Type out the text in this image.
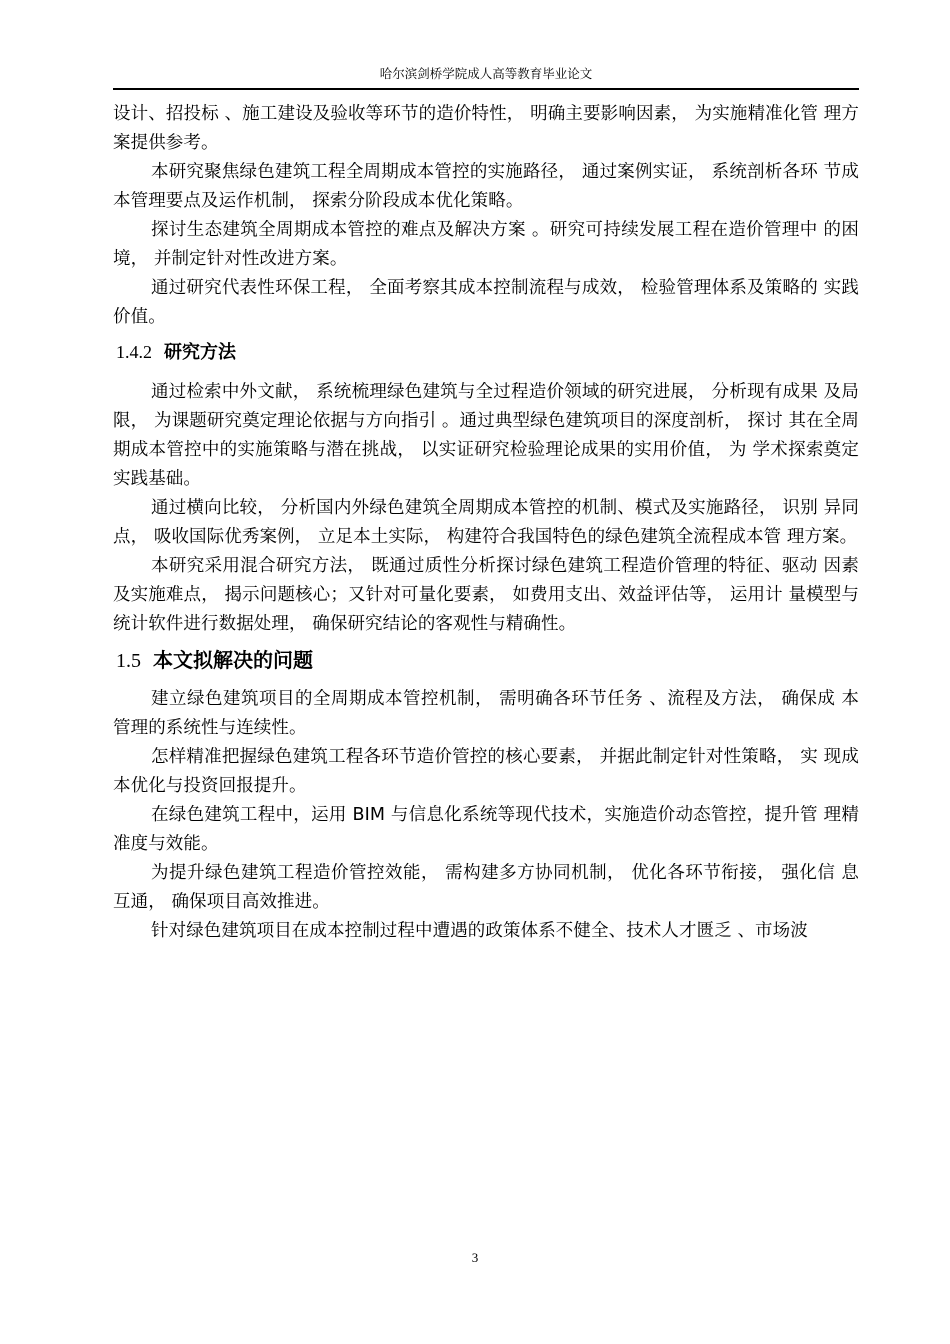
哈尔滨剑桥学院成人高等教育毕业论文

设计、招投标 、施工建设及验收等环节的造价特性， 明确主要影响因素， 为实施精准化管 理方案提供参考。

本研究聚焦绿色建筑工程全周期成本管控的实施路径， 通过案例实证， 系统剖析各环 节成本管理要点及运作机制， 探索分阶段成本优化策略。

探讨生态建筑全周期成本管控的难点及解决方案 。研究可持续发展工程在造价管理中 的困境， 并制定针对性改进方案。

通过研究代表性环保工程， 全面考察其成本控制流程与成效， 检验管理体系及策略的 实践价值。

1.4.2 研究方法

通过检索中外文献， 系统梳理绿色建筑与全过程造价领域的研究进展， 分析现有成果 及局限， 为课题研究奠定理论依据与方向指引 。通过典型绿色建筑项目的深度剖析， 探讨 其在全周期成本管控中的实施策略与潜在挑战， 以实证研究检验理论成果的实用价值， 为 学术探索奠定实践基础。

通过横向比较， 分析国内外绿色建筑全周期成本管控的机制、模式及实施路径， 识别 异同点， 吸收国际优秀案例， 立足本土实际， 构建符合我国特色的绿色建筑全流程成本管 理方案。

本研究采用混合研究方法， 既通过质性分析探讨绿色建筑工程造价管理的特征、驱动 因素及实施难点， 揭示问题核心；又针对可量化要素， 如费用支出、效益评估等， 运用计 量模型与统计软件进行数据处理， 确保研究结论的客观性与精确性。

1.5 本文拟解决的问题

建立绿色建筑项目的全周期成本管控机制， 需明确各环节任务 、流程及方法， 确保成 本管理的系统性与连续性。

怎样精准把握绿色建筑工程各环节造价管控的核心要素， 并据此制定针对性策略， 实 现成本优化与投资回报提升。

在绿色建筑工程中，运用 BIM 与信息化系统等现代技术，实施造价动态管控，提升管 理精准度与效能。

为提升绿色建筑工程造价管控效能， 需构建多方协同机制， 优化各环节衔接， 强化信 息互通， 确保项目高效推进。

针对绿色建筑项目在成本控制过程中遭遇的政策体系不健全、技术人才匮乏 、市场波

3
